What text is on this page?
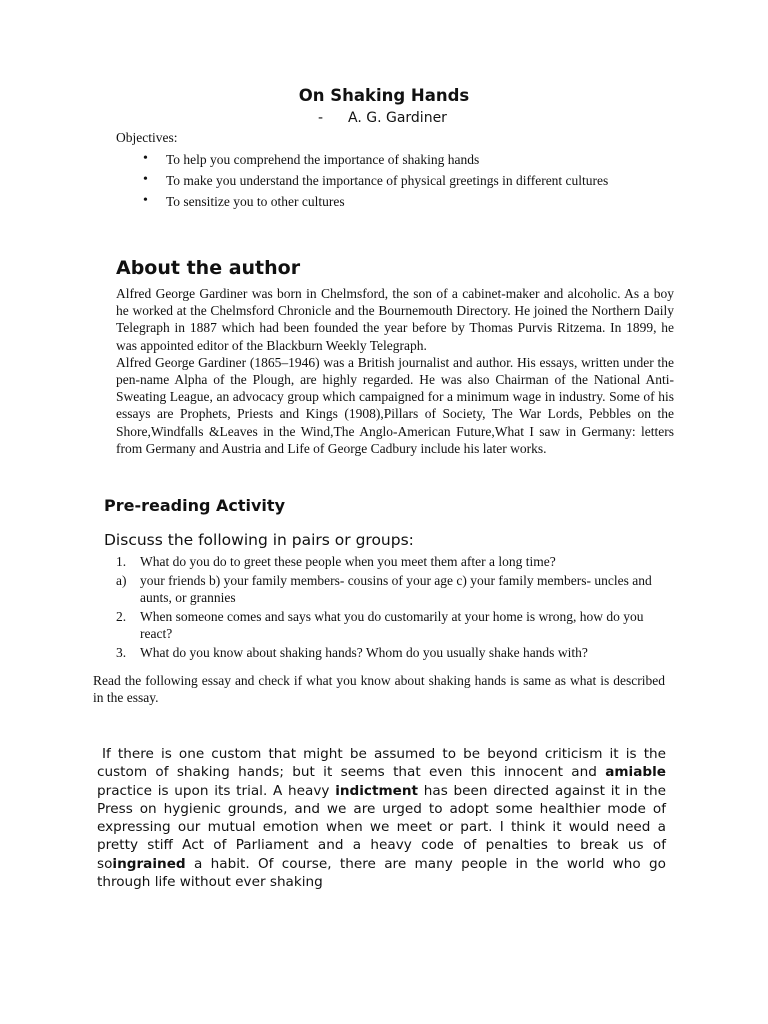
On Shaking Hands
- A. G. Gardiner
Objectives:
• To help you comprehend the importance of shaking hands
• To make you understand the importance of physical greetings in different cultures
• To sensitize you to other cultures
About the author

Alfred George Gardiner was born in Chelmsford, the son of a cabinet-maker and alcoholic. As a boy he worked at the Chelmsford Chronicle and the Bournemouth Directory. He joined the Northern Daily Telegraph in 1887 which had been founded the year before by Thomas Purvis Ritzema. In 1899, he was appointed editor of the Blackburn Weekly Telegraph.

Alfred George Gardiner (1865–1946) was a British journalist and author. His essays, written under the pen-name Alpha of the Plough, are highly regarded. He was also Chairman of the National Anti-Sweating League, an advocacy group which campaigned for a minimum wage in industry. Some of his essays are Prophets, Priests and Kings (1908),Pillars of Society, The War Lords, Pebbles on the Shore,Windfalls &Leaves in the Wind,The Anglo-American Future,What I saw in Germany: letters from Germany and Austria and Life of George Cadbury include his later works.

Pre-reading Activity
Discuss the following in pairs or groups:
1. What do you do to greet these people when you meet them after a long time?
a) your friends b) your family members- cousins of your age c) your family members- uncles and aunts, or grannies
2. When someone comes and says what you do customarily at your home is wrong, how do you react?
3. What do you know about shaking hands? Whom do you usually shake hands with?
Read the following essay and check if what you know about shaking hands is same as what is described in the essay.
If there is one custom that might be assumed to be beyond criticism it is the custom of shaking hands; but it seems that even this innocent and amiable practice is upon its trial. A heavy indictment has been directed against it in the Press on hygienic grounds, and we are urged to adopt some healthier mode of expressing our mutual emotion when we meet or part. I think it would need a pretty stiff Act of Parliament and a heavy code of penalties to break us of soingrained a habit. Of course, there are many people in the world who go through life without ever shaking
